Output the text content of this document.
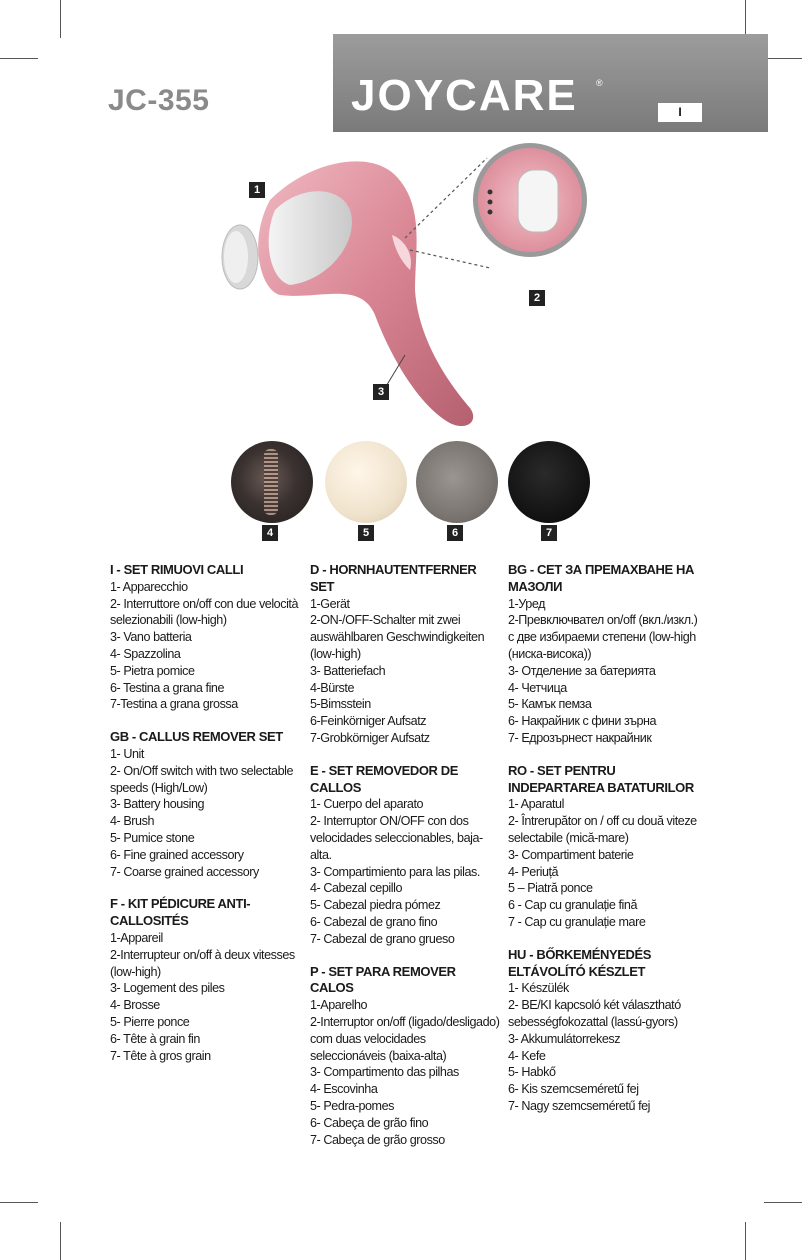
JC-355	JOYCARE ®
I
1
2
3
4	5	6	7
I - SET RIMUOVI CALLI
1- Apparecchio
2- Interruttore on/off con due velocità selezionabili (low-high)
3- Vano batteria
4- Spazzolina
5- Pietra pomice
6- Testina a grana fine
7-Testina a grana grossa
GB - CALLUS REMOVER SET
1- Unit
2- On/Off switch with two selectable speeds (High/Low)
3- Battery housing
4- Brush
5- Pumice stone
6- Fine grained accessory
7- Coarse grained accessory
F - KIT PÉDICURE ANTI-CALLOSITÉS
1-Appareil
2-Interrupteur on/off à deux vitesses (low-high)
3- Logement des piles
4- Brosse
5- Pierre ponce
6- Tête à grain fin
7- Tête à gros grain
D - HORNHAUTENTFERNER SET
1-Gerät
2-ON-/OFF-Schalter mit zwei auswählbaren Geschwindigkeiten (low-high)
3- Batteriefach
4-Bürste
5-Bimsstein
6-Feinkörniger Aufsatz
7-Grobkörniger Aufsatz
E - SET REMOVEDOR DE CALLOS
1- Cuerpo del aparato
2- Interruptor ON/OFF con dos velocidades seleccionables, baja-alta.
3- Compartimiento para las pilas.
4- Cabezal cepillo
5- Cabezal piedra pómez
6- Cabezal de grano fino
7- Cabezal de grano grueso
P - SET PARA REMOVER CALOS
1-Aparelho
2-Interruptor on/off (ligado/desligado) com duas velocidades seleccionáveis (baixa-alta)
3- Compartimento das pilhas
4- Escovinha
5- Pedra-pomes
6- Cabeça de grão fino
7- Cabeça de grão grosso
BG - СЕТ ЗА ПРЕМАХВАНЕ НА МАЗОЛИ
1-Уред
2-Превключвател on/off (вкл./изкл.) с две избираеми степени (low-high (ниска-висока))
3- Отделение за батерията
4- Четчица
5- Камък пемза
6- Накрайник с фини зърна
7- Едрозърнест накрайник
RO - SET PENTRU INDEPARTAREA BATATURILOR
1- Aparatul
2- Întrerupător on / off cu două viteze selectabile (mică-mare)
3- Compartiment baterie
4- Periuță
5 – Piatră ponce
6 - Cap cu granulație fină
7 - Cap cu granulație mare
HU - BŐRKEMÉNYEDÉS ELTÁVOLÍTÓ KÉSZLET
1- Készülék
2- BE/KI kapcsoló két választható sebességfokozattal (lassú-gyors)
3- Akkumulátorrekesz
4- Kefe
5- Habkő
6- Kis szemcseméretű fej
7- Nagy szemcseméretű fej
